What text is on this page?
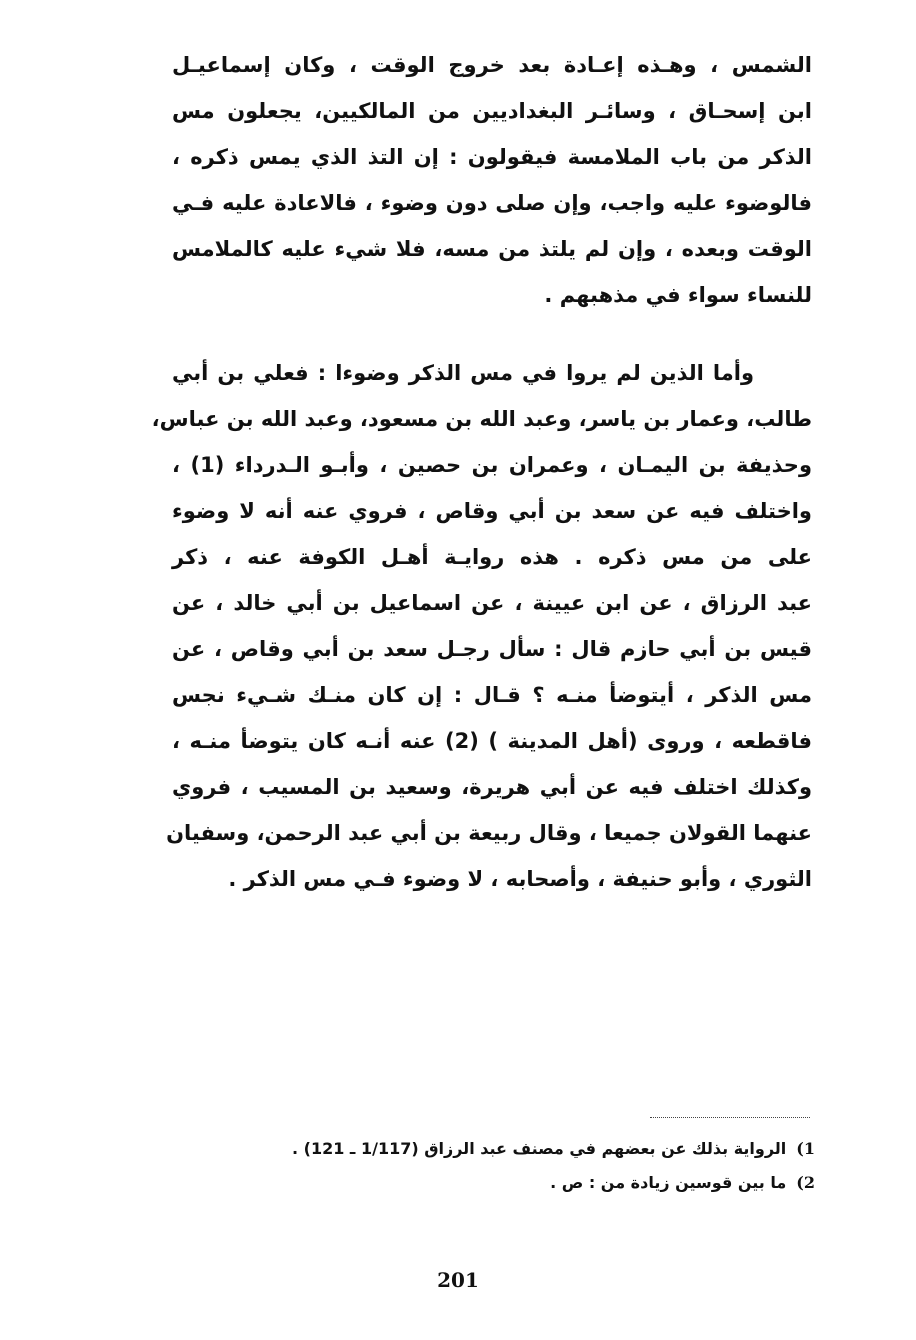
الشمس ، وهـذه إعـادة بعد خروج الوقت ، وكان إسماعيـل
ابن إسحـاق ، وسائـر البغداديين من المالكيين، يجعلون مس
الذكر من باب الملامسة فيقولون : إن التذ الذي يمس ذكره ،
فالوضوء عليه واجب، وإن صلى دون وضوء ، فالاعادة عليه فـي
الوقت وبعده ، وإن لم يلتذ من مسه، فلا شيء عليه كالملامس
للنساء سواء في مذهبهم .
وأما الذين لم يروا في مس الذكر وضوءا : فعلي بن أبي
طالب، وعمار بن ياسر، وعبد الله بن مسعود، وعبد الله بن عباس،
وحذيفة بن اليمـان ، وعمران بن حصين ، وأبـو الـدرداء (1) ،
واختلف فيه عن سعد بن أبي وقاص ، فروي عنه أنه لا وضوء
على من مس ذكره . هذه روايـة أهـل الكوفة عنه ، ذكر
عبد الرزاق ، عن ابن عيينة ، عن اسماعيل بن أبي خالد ، عن
قيس بن أبي حازم قال : سأل رجـل سعد بن أبي وقاص ، عن
مس الذكر ، أيتوضأ منـه ؟ قـال : إن كان منـك شـيء نجس
فاقطعه ، وروى (أهل المدينة ) (2) عنه أنـه كان يتوضأ منـه ،
وكذلك اختلف فيه عن أبي هريرة، وسعيد بن المسيب ، فروي
عنهما القولان جميعا ، وقال ربيعة بن أبي عبد الرحمن، وسفيان
الثوري ، وأبو حنيفة ، وأصحابه ، لا وضوء فـي مس الذكر .
1)الرواية بذلك عن بعضهم في مصنف عبد الرزاق (1/117 ـ 121) .
2)ما بين قوسين زيادة من : ص .
201
